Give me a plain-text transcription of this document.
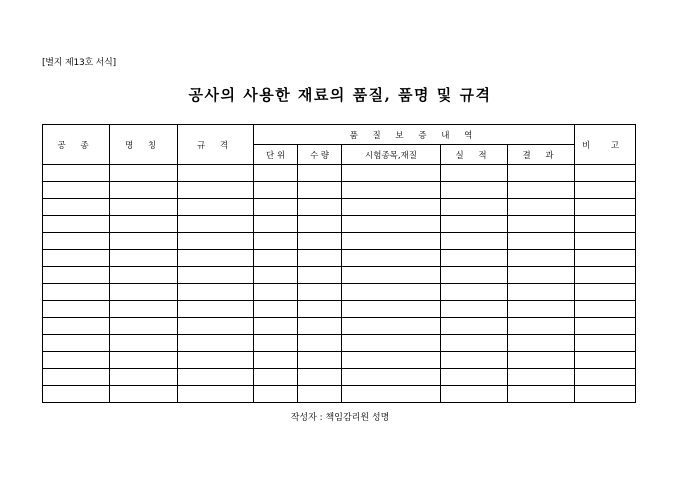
[별지 제13호 서식]
공사의 사용한 재료의 품질, 품명 및 규격
공 종	명 칭	규 격	품 질 보 증 내 역					비 고
			단 위	수 량	시험종목,재질	실 적	결 과	

작성자 : 책임감리원 성명
